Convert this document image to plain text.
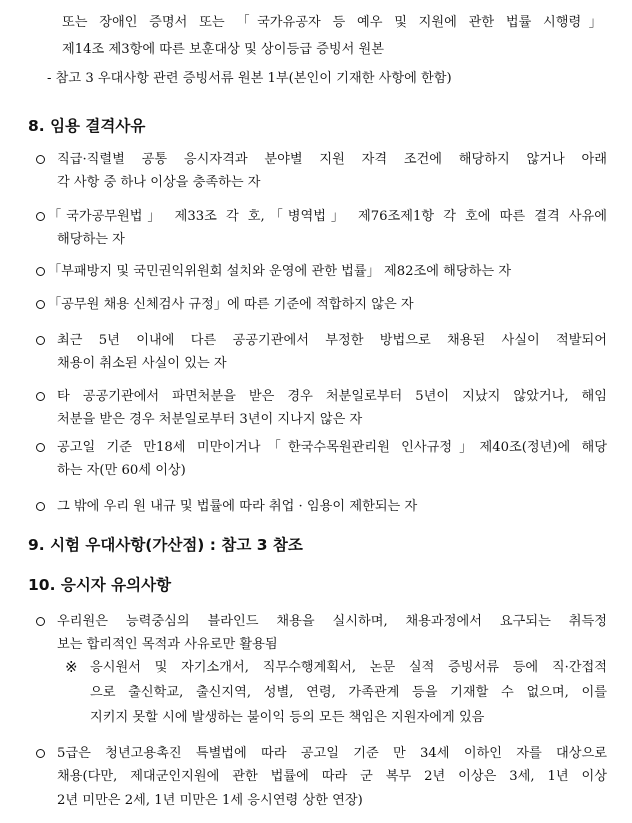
또는 장애인 증명서 또는 「국가유공자 등 예우 및 지원에 관한 법률 시행령」
제14조 제3항에 따른 보훈대상 및 상이등급 증빙서 원본
- 참고 3 우대사항 관련 증빙서류 원본 1부(본인이 기재한 사항에 한함)
8. 임용 결격사유
직급·직렬별 공통 응시자격과 분야별 지원 자격 조건에 해당하지 않거나 아래
각 사항 중 하나 이상을 충족하는 자
「국가공무원법」 제33조 각 호,「병역법」 제76조제1항 각 호에 따른 결격 사유에
해당하는 자
「부패방지 및 국민권익위원회 설치와 운영에 관한 법률」 제82조에 해당하는 자
「공무원 채용 신체검사 규정」에 따른 기준에 적합하지 않은 자
최근 5년 이내에 다른 공공기관에서 부정한 방법으로 채용된 사실이 적발되어
채용이 취소된 사실이 있는 자
타 공공기관에서 파면처분을 받은 경우 처분일로부터 5년이 지났지 않았거나, 해임
처분을 받은 경우 처분일로부터 3년이 지나지 않은 자
공고일 기준 만18세 미만이거나「한국수목원관리원 인사규정」제40조(정년)에 해당
하는 자(만 60세 이상)
그 밖에 우리 원 내규 및 법률에 따라 취업 · 임용이 제한되는 자
9. 시험 우대사항(가산점) : 참고 3 참조
10. 응시자 유의사항
우리원은 능력중심의 블라인드 채용을 실시하며, 채용과정에서 요구되는 취득정
보는 합리적인 목적과 사유로만 활용됨
※ 응시원서 및 자기소개서, 직무수행계획서, 논문 실적 증빙서류 등에 직·간접적
으로 출신학교, 출신지역, 성별, 연령, 가족관계 등을 기재할 수 없으며, 이를
지키지 못할 시에 발생하는 불이익 등의 모든 책임은 지원자에게 있음
5급은 청년고용촉진 특별법에 따라 공고일 기준 만 34세 이하인 자를 대상으로
채용(다만, 제대군인지원에 관한 법률에 따라 군 복무 2년 이상은 3세, 1년 이상
2년 미만은 2세, 1년 미만은 1세 응시연령 상한 연장)
